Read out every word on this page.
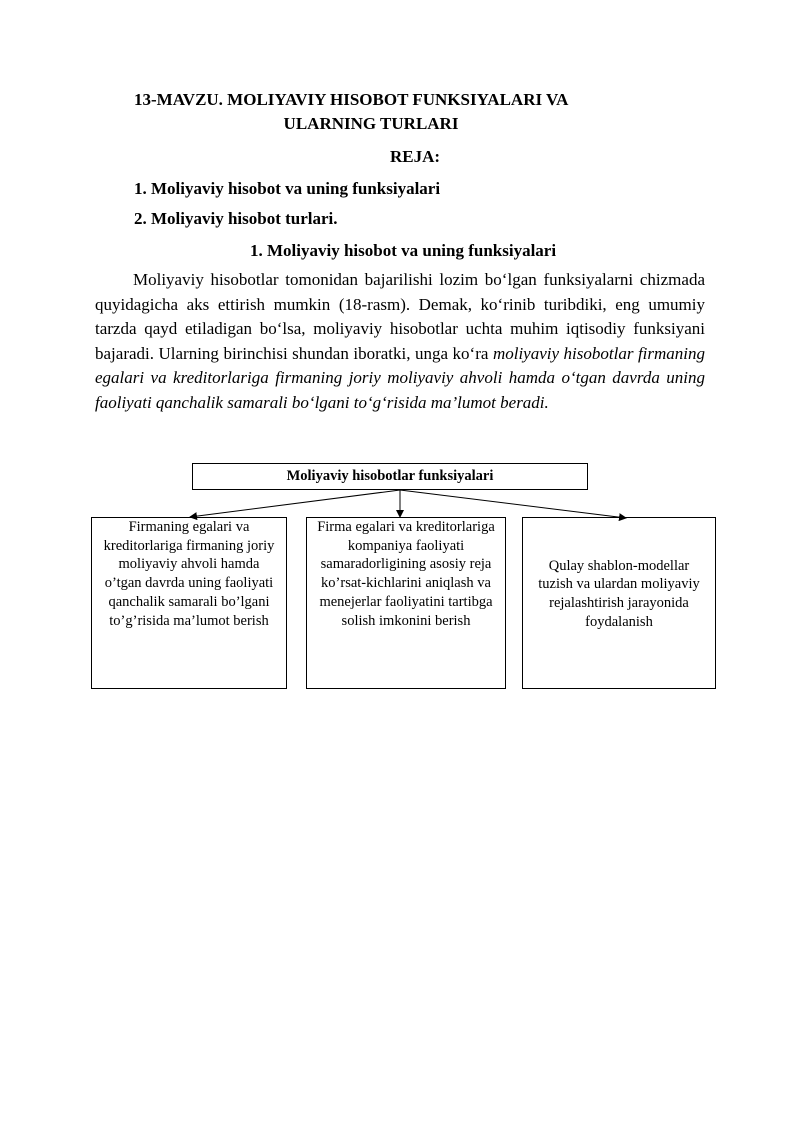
13-MAVZU. MOLIYAVIY HISOBOT FUNKSIYALARI VA
ULARNING TURLARI
REJA:
1. Moliyaviy hisobot va uning funksiyalari
2. Moliyaviy hisobot turlari.
1. Moliyaviy hisobot va uning funksiyalari

Moliyaviy hisobotlar tomonidan bajarilishi lozim bo‘lgan funksiyalarni chizmada quyidagicha aks ettirish mumkin (18-rasm). Demak, ko‘rinib turibdiki, eng umumiy tarzda qayd etiladigan bo‘lsa, moliyaviy hisobotlar uchta muhim iqtisodiy funksiyani bajaradi. Ularning birinchisi shundan iboratki, unga ko‘ra moliyaviy hisobotlar firmaning egalari va kreditorlariga firmaning joriy moliyaviy ahvoli hamda o‘tgan davrda uning faoliyati qanchalik samarali bo‘lgani to‘g‘risida ma’lumot beradi.

Moliyaviy hisobotlar funksiyalari
Firmaning egalari va kreditorlariga firmaning joriy moliyaviy ahvoli hamda o’tgan davrda uning faoliyati qanchalik samarali bo’lgani to’g’risida ma’lumot berish
Firma egalari va kreditorlariga kompaniya faoliyati samaradorligining asosiy reja ko’rsat-kichlarini aniqlash va menejerlar faoliyatini tartibga solish imkonini berish
Qulay shablon-modellar tuzish va ulardan moliyaviy rejalashtirish jarayonida foydalanish
